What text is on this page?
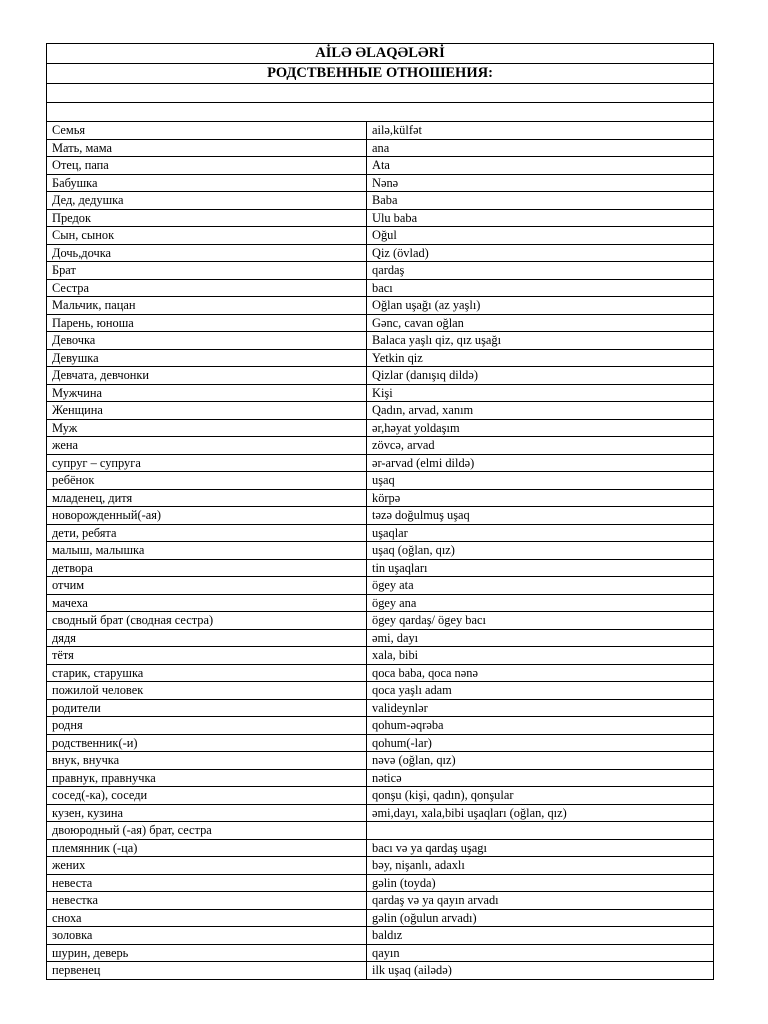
AİLƏ ƏLAQƏLƏRİ	
РОДСТВЕННЫЕ ОТНОШЕНИЯ:	

Семья	ailə,külfət
Мать, мама	ana
Отец, папа	Ata
Бабушка	Nənə
Дед, дедушка	Baba
Предок	Ulu baba
Сын, сынок	Oğul
Дочь,дочка	Qiz (övlad)
Брат	qardaş
Сестра	bacı
Мальчик, пацан	Oğlan uşağı (az yaşlı)
Парень, юноша	Gənc, cavan oğlan
Девочка	Balaca yaşlı qiz, qız uşağı
Девушка	Yetkin qiz
Девчата, девчонки	Qizlar (danışıq dildə)
Мужчина	Kişi
Женщина	Qadın, arvad, xanım
Муж	ər,həyat yoldaşım
жена	zövcə, arvad
супруг – супруга	ər-arvad (elmi dildə)
ребёнок	uşaq
младенец, дитя	körpə
новорожденный(-ая)	təzə doğulmuş uşaq
дети, ребята	uşaqlar
малыш, малышка	uşaq (oğlan, qız)
детвора	tin uşaqları
отчим	ögey ata
мачеха	ögey ana
сводный брат (сводная сестра)	ögey qardaş/ ögey bacı
дядя	əmi, dayı
тётя	xala, bibi
старик, старушка	qoca baba, qoca nənə
пожилой человек	qoca yaşlı adam
родители	valideynlər
родня	qohum-əqrəba
родственник(-и)	qohum(-lar)
внук, внучка	nəvə (oğlan, qız)
правнук, правнучка	nəticə
сосед(-ка), соседи	qonşu (kişi, qadın), qonşular
кузен, кузина	əmi,dayı, xala,bibi uşaqları (oğlan, qız)
двоюродный (-ая) брат, сестра	
племянник (-ца)	bacı və ya qardaş uşagı
жених	bəy, nişanlı, adaxlı
невеста	gəlin (toyda)
невестка	qardaş və ya qayın arvadı
сноха	gəlin (oğulun arvadı)
золовка	baldız
шурин, деверь	qayın
первенец	ilk uşaq (ailədə)
